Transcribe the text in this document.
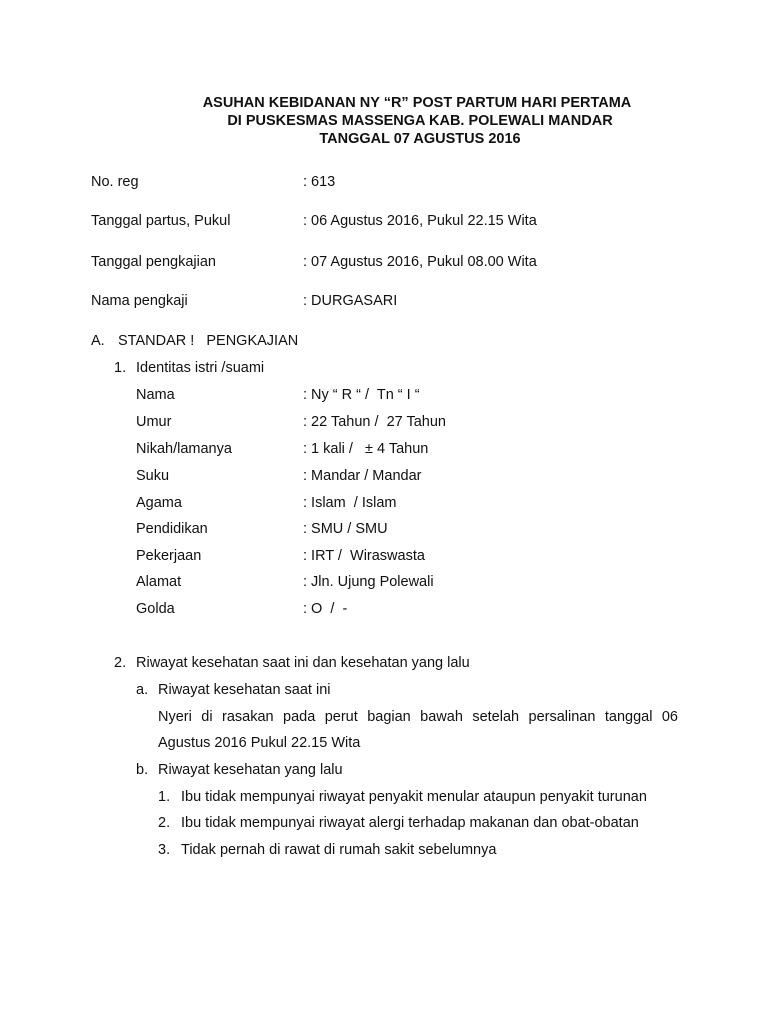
ASUHAN KEBIDANAN NY “R” POST PARTUM HARI PERTAMA
DI PUSKESMAS MASSENGA KAB. POLEWALI MANDAR
TANGGAL 07 AGUSTUS 2016
No. reg	: 613
Tanggal partus, Pukul	: 06 Agustus 2016, Pukul 22.15 Wita
Tanggal pengkajian	: 07 Agustus 2016, Pukul 08.00 Wita
Nama pengkaji	: DURGASARI
A. STANDAR !   PENGKAJIAN
1. Identitas istri /suami
Nama	: Ny “ R “ /  Tn “ I “
Umur	: 22 Tahun /  27 Tahun
Nikah/lamanya	: 1 kali /   ± 4 Tahun
Suku	: Mandar / Mandar
Agama	: Islam  / Islam
Pendidikan	: SMU / SMU
Pekerjaan	: IRT /  Wiraswasta
Alamat	: Jln. Ujung Polewali
Golda	: O  /  -
2. Riwayat kesehatan saat ini dan kesehatan yang lalu
a. Riwayat kesehatan saat ini
Nyeri di rasakan pada perut bagian bawah setelah persalinan tanggal 06
Agustus 2016 Pukul 22.15 Wita
b. Riwayat kesehatan yang lalu
1. Ibu tidak mempunyai riwayat penyakit menular ataupun penyakit turunan
2. Ibu tidak mempunyai riwayat alergi terhadap makanan dan obat-obatan
3. Tidak pernah di rawat di rumah sakit sebelumnya
